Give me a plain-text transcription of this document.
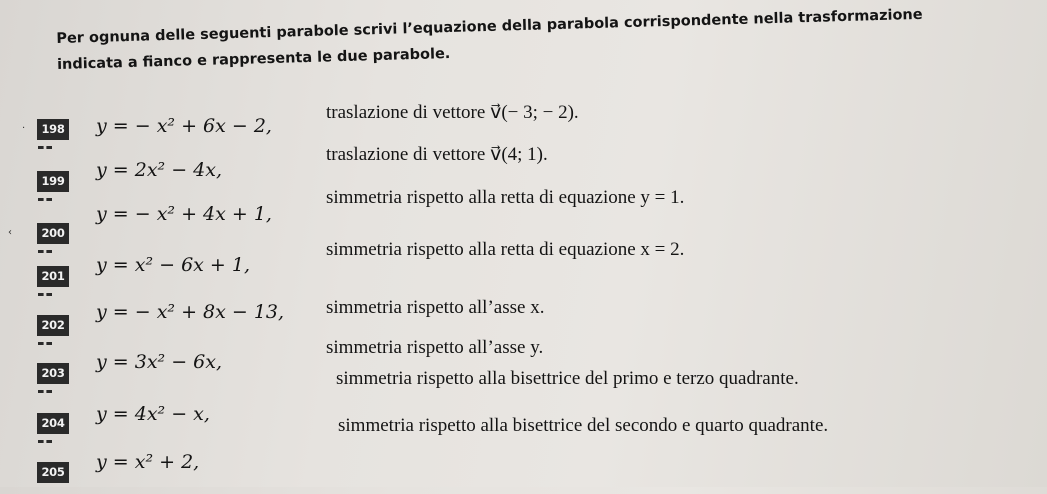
Per ognuna delle seguenti parabole scrivi l’equazione della parabola corrispondente nella trasformazione
indicata a fianco e rappresenta le due parabole.
·	198 y = − x² + 6x − 2,
traslazione di vettore v⃗(− 3; − 2).
199 y = 2x² − 4x,
traslazione di vettore v⃗(4; 1).
‹	200
y = − x² + 4x + 1,
simmetria rispetto alla retta di equazione y = 1.
201 y = x² − 6x + 1,
simmetria rispetto alla retta di equazione x = 2.
202
y = − x² + 8x − 13, simmetria rispetto all’asse x.
203 y = 3x² − 6x,
simmetria rispetto all’asse y.
204 y = 4x² − x,
simmetria rispetto alla bisettrice del primo e terzo quadrante.
205 y = x² + 2,
simmetria rispetto alla bisettrice del secondo e quarto quadrante.
